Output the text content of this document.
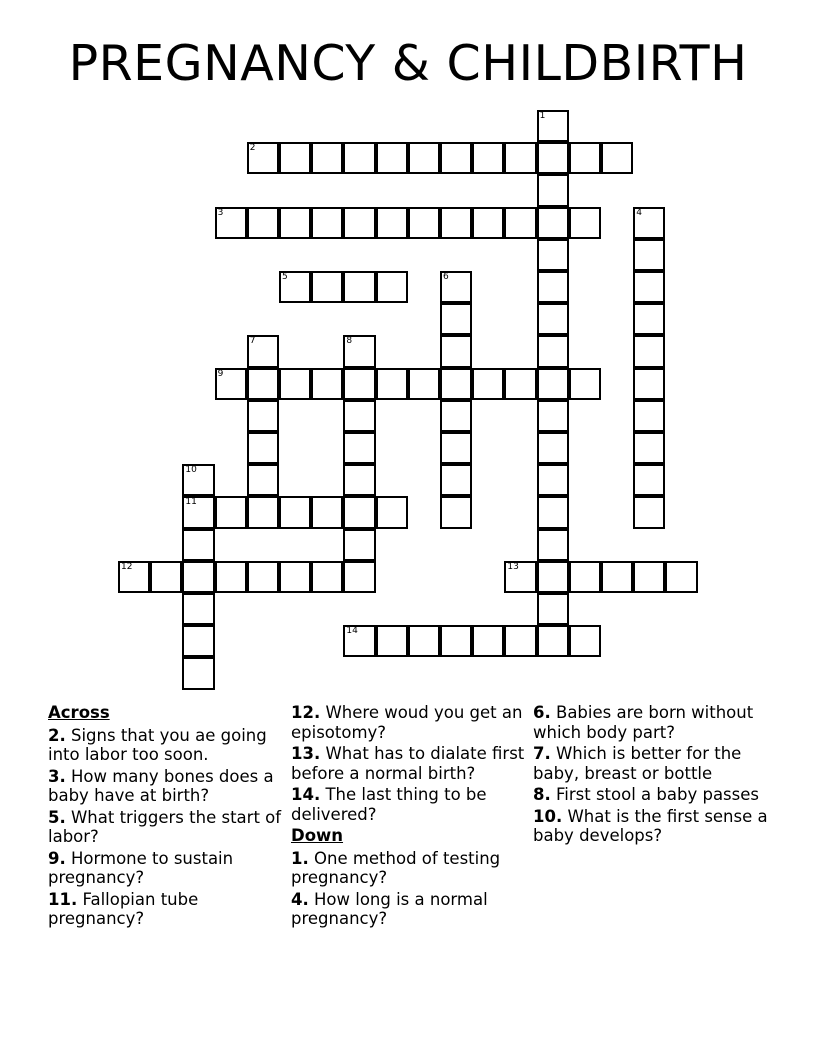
PREGNANCY & CHILDBIRTH
1
2
3	4
5	6
7	8
9
10
11
12	13
14
Across
2. Signs that you ae going into labor too soon.
3. How many bones does a baby have at birth?
5. What triggers the start of labor?
9. Hormone to sustain pregnancy?
11. Fallopian tube pregnancy?
12. Where woud you get an episotomy?
13. What has to dialate first before a normal birth?
14. The last thing to be delivered?
Down
1. One method of testing pregnancy?
4. How long is a normal pregnancy?
6. Babies are born without which body part?
7. Which is better for the baby, breast or bottle
8. First stool a baby passes
10. What is the first sense a baby develops?
